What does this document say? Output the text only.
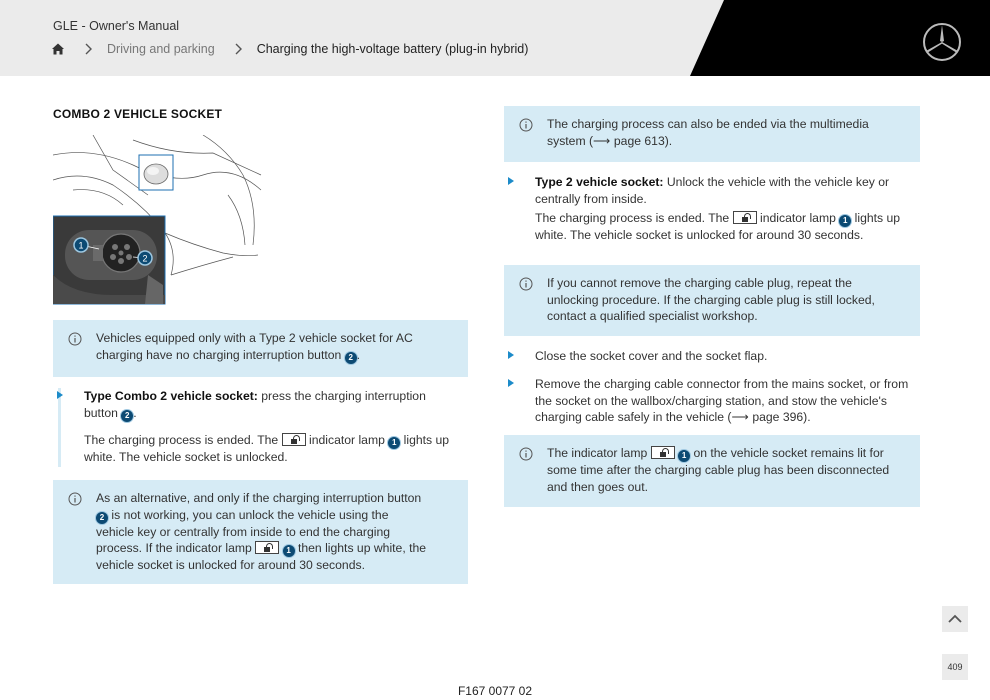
GLE - Owner's Manual
Driving and parking	Charging the high-voltage battery (plug-in hybrid)
COMBO 2 VEHICLE SOCKET
1
2
Vehicles equipped only with a Type 2 vehicle socket for AC charging have no charging interruption button 2 .

Type Combo 2 vehicle socket: press the charging interruption button 2 .

The charging process is ended. The	indicator lamp 1 lights up white. The vehicle socket is unlocked.

As an alternative, and only if the charging interruption button 2 is not working, you can unlock the vehicle using the vehicle key or centrally from inside to end the charging process. If the indicator lamp	1 then lights up white, the vehicle socket is unlocked for around 30 seconds.
The charging process can also be ended via the multimedia system (⟶ page 613).

Type 2 vehicle socket: Unlock the vehicle with the vehicle key or centrally from inside.

The charging process is ended. The	indicator lamp 1 lights up white. The vehicle socket is unlocked for around 30 seconds.

If you cannot remove the charging cable plug, repeat the unlocking procedure. If the charging cable plug is still locked, contact a qualified specialist workshop.
Close the socket cover and the socket flap.
Remove the charging cable connector from the mains socket, or from the socket on the wallbox/charging station, and stow the vehicle's charging cable safely in the vehicle (⟶ page 396).
The indicator lamp	1 on the vehicle socket remains lit for some time after the charging cable plug has been disconnected and then goes out.
409
F167 0077 02
